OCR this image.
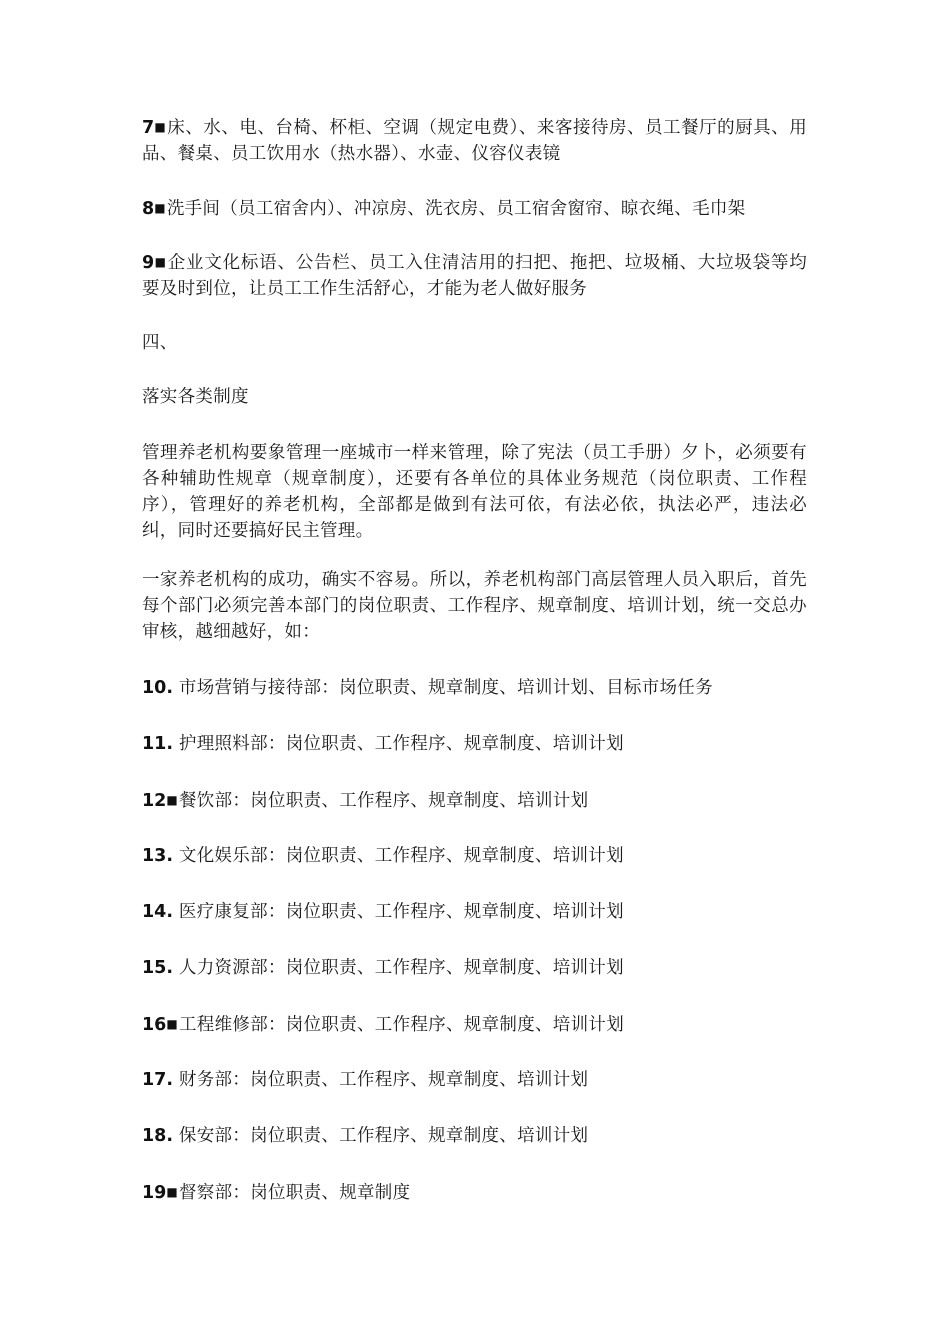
7■床、水、电、台椅、杯柜、空调（规定电费）、来客接待房、员工餐厅的厨具、用品、餐桌、员工饮用水（热水器）、水壶、仪容仪表镜

8■洗手间（员工宿舍内）、冲凉房、洗衣房、员工宿舍窗帘、晾衣绳、毛巾架

9■企业文化标语、公告栏、员工入住清洁用的扫把、拖把、垃圾桶、大垃圾袋等均要及时到位，让员工工作生活舒心，才能为老人做好服务

四、

落实各类制度

管理养老机构要象管理一座城市一样来管理，除了宪法（员工手册）夕卜，必须要有各种辅助性规章（规章制度），还要有各单位的具体业务规范（岗位职责、工作程序），管理好的养老机构，全部都是做到有法可依，有法必依，执法必严，违法必纠，同时还要搞好民主管理。

一家养老机构的成功，确实不容易。所以，养老机构部门高层管理人员入职后，首先每个部门必须完善本部门的岗位职责、工作程序、规章制度、培训计划，统一交总办审核，越细越好，如：

10. 市场营销与接待部：岗位职责、规章制度、培训计划、目标市场任务

11. 护理照料部：岗位职责、工作程序、规章制度、培训计划

12■餐饮部：岗位职责、工作程序、规章制度、培训计划

13. 文化娱乐部：岗位职责、工作程序、规章制度、培训计划

14. 医疗康复部：岗位职责、工作程序、规章制度、培训计划

15. 人力资源部：岗位职责、工作程序、规章制度、培训计划

16■工程维修部：岗位职责、工作程序、规章制度、培训计划

17. 财务部：岗位职责、工作程序、规章制度、培训计划

18. 保安部：岗位职责、工作程序、规章制度、培训计划

19■督察部：岗位职责、规章制度
